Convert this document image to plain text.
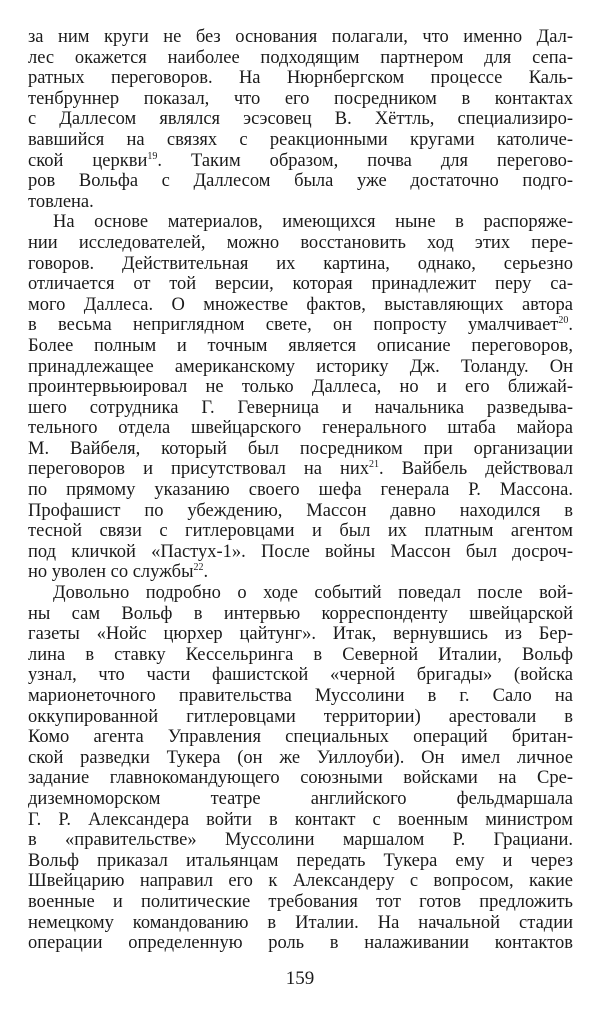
за ним круги не без основания полагали, что именно Дал-
лес окажется наиболее подходящим партнером для сепа-
ратных переговоров. На Нюрнбергском процессе Каль-
тенбруннер показал, что его посредником в контактах
с Даллесом являлся эсэсовец В. Хёттль, специализиро-
вавшийся на связях с реакционными кругами католиче-
ской церкви$^{19}$. Таким образом, почва для перегово-
ров Вольфа с Даллесом была уже достаточно подго-
товлена.
На основе материалов, имеющихся ныне в распоряже-
нии исследователей, можно восстановить ход этих пере-
говоров. Действительная их картина, однако, серьезно
отличается от той версии, которая принадлежит перу са-
мого Даллеса. О множестве фактов, выставляющих автора
в весьма неприглядном свете, он попросту умалчивает$^{20}$.
Более полным и точным является описание переговоров,
принадлежащее американскому историку Дж. Толанду. Он
проинтервьюировал не только Даллеса, но и его ближай-
шего сотрудника Г. Геверница и начальника разведыва-
тельного отдела швейцарского генерального штаба майора
М. Вайбеля, который был посредником при организации
переговоров и присутствовал на них$^{21}$. Вайбель действовал
по прямому указанию своего шефа генерала Р. Массона.
Профашист по убеждению, Массон давно находился в
тесной связи с гитлеровцами и был их платным агентом
под кличкой «Пастух-1». После войны Массон был досроч-
но уволен со службы$^{22}$.
Довольно подробно о ходе событий поведал после вой-
ны сам Вольф в интервью корреспонденту швейцарской
газеты «Нойс цюрхер цайтунг». Итак, вернувшись из Бер-
лина в ставку Кессельринга в Северной Италии, Вольф
узнал, что части фашистской «черной бригады» (войска
марионеточного правительства Муссолини в г. Сало на
оккупированной гитлеровцами территории) арестовали в
Комо агента Управления специальных операций британ-
ской разведки Тукера (он же Уиллоуби). Он имел личное
задание главнокомандующего союзными войсками на Сре-
диземноморском театре английского фельдмаршала
Г. Р. Александера войти в контакт с военным министром
в «правительстве» Муссолини маршалом Р. Грациани.
Вольф приказал итальянцам передать Тукера ему и через
Швейцарию направил его к Александеру с вопросом, какие
военные и политические требования тот готов предложить
немецкому командованию в Италии. На начальной стадии
операции определенную роль в налаживании контактов
159
